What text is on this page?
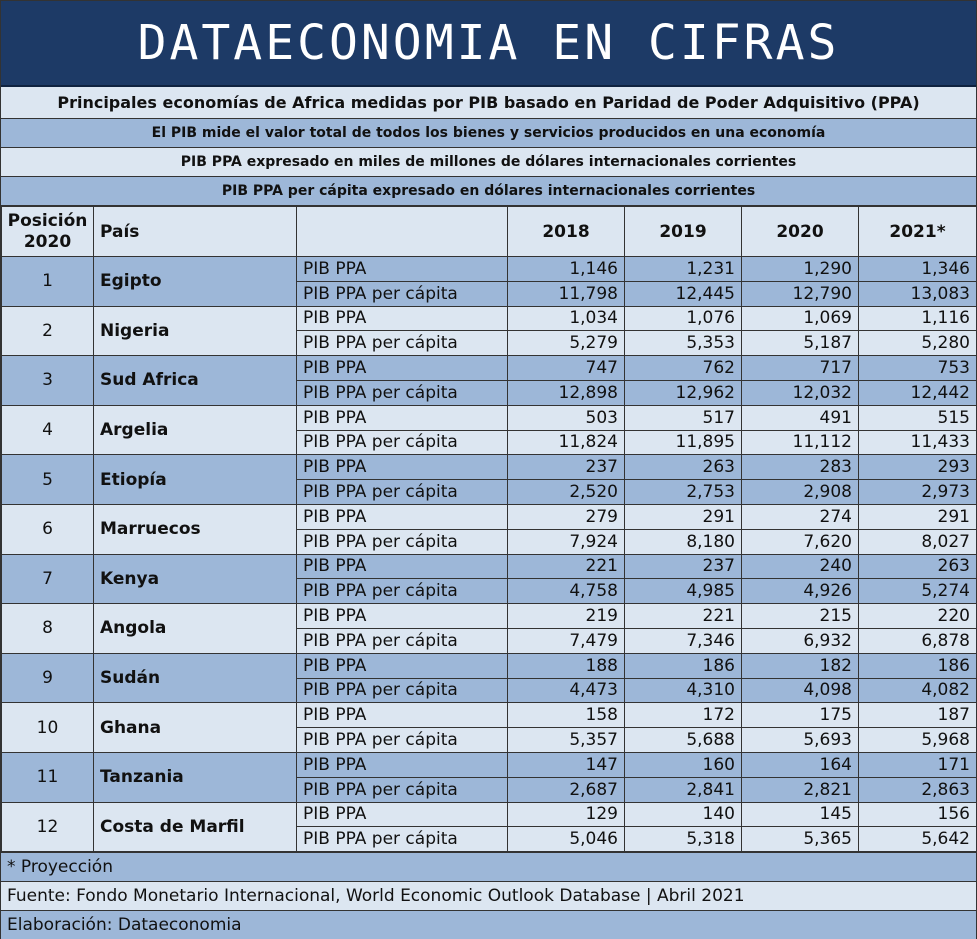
DATAECONOMIA EN CIFRAS
Principales economías de Africa medidas por PIB basado en Paridad de Poder Adquisitivo (PPA)
El PIB mide el valor total de todos los bienes y servicios producidos en una economía
PIB PPA expresado en miles de millones de dólares internacionales corrientes
PIB PPA per cápita expresado en dólares internacionales corrientes
Posición 2020	País		2018	2019	2020	2021*
1	Egipto	PIB PPA	1,146	1,231	1,290	1,346
		PIB PPA per cápita	11,798	12,445	12,790	13,083
2	Nigeria	PIB PPA	1,034	1,076	1,069	1,116
		PIB PPA per cápita	5,279	5,353	5,187	5,280
3	Sud Africa	PIB PPA	747	762	717	753
		PIB PPA per cápita	12,898	12,962	12,032	12,442
4	Argelia	PIB PPA	503	517	491	515
		PIB PPA per cápita	11,824	11,895	11,112	11,433
5	Etiopía	PIB PPA	237	263	283	293
		PIB PPA per cápita	2,520	2,753	2,908	2,973
6	Marruecos	PIB PPA	279	291	274	291
		PIB PPA per cápita	7,924	8,180	7,620	8,027
7	Kenya	PIB PPA	221	237	240	263
		PIB PPA per cápita	4,758	4,985	4,926	5,274
8	Angola	PIB PPA	219	221	215	220
		PIB PPA per cápita	7,479	7,346	6,932	6,878
9	Sudán	PIB PPA	188	186	182	186
		PIB PPA per cápita	4,473	4,310	4,098	4,082
10	Ghana	PIB PPA	158	172	175	187
		PIB PPA per cápita	5,357	5,688	5,693	5,968
11	Tanzania	PIB PPA	147	160	164	171
		PIB PPA per cápita	2,687	2,841	2,821	2,863
12	Costa de Marfil	PIB PPA	129	140	145	156
		PIB PPA per cápita	5,046	5,318	5,365	5,642
* Proyección
Fuente: Fondo Monetario Internacional, World Economic Outlook Database | Abril 2021
Elaboración: Dataeconomia
